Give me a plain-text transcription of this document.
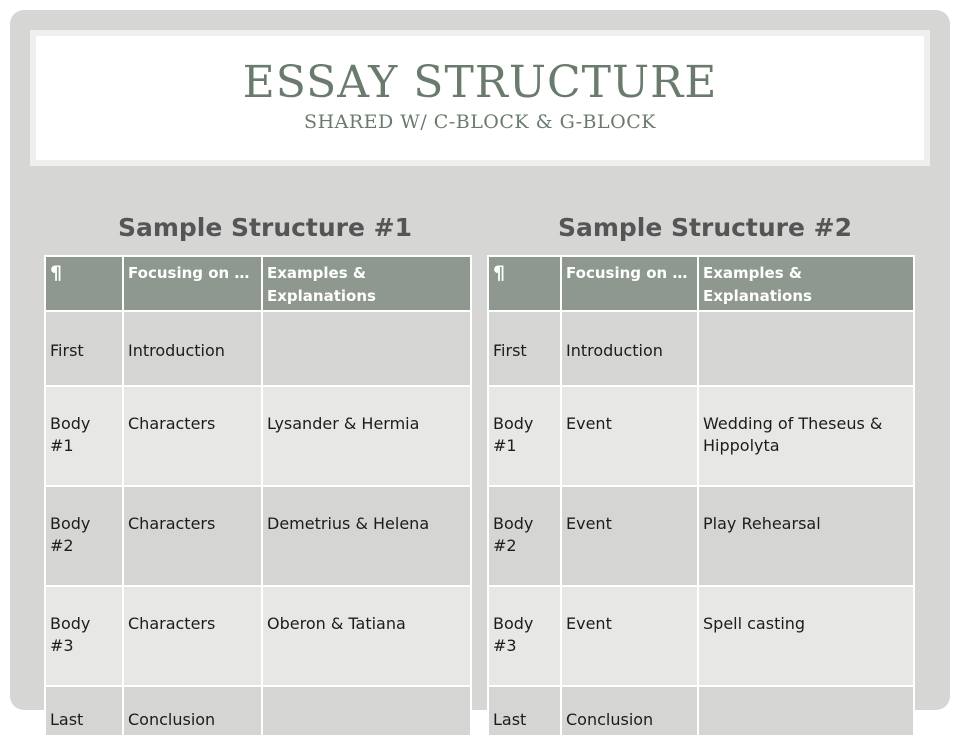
ESSAY STRUCTURE
SHARED W/ C-BLOCK & G-BLOCK
Sample Structure #1	Sample Structure #2
¶	Focusing on …	Examples & Explanations
First	Introduction	
Body #1	Characters	Lysander & Hermia
Body #2	Characters	Demetrius & Helena
Body #3	Characters	Oberon & Tatiana
Last	Conclusion	
¶	Focusing on …	Examples & Explanations
First	Introduction	
Body #1	Event	Wedding of Theseus & Hippolyta
Body #2	Event	Play Rehearsal
Body #3	Event	Spell casting
Last	Conclusion	
